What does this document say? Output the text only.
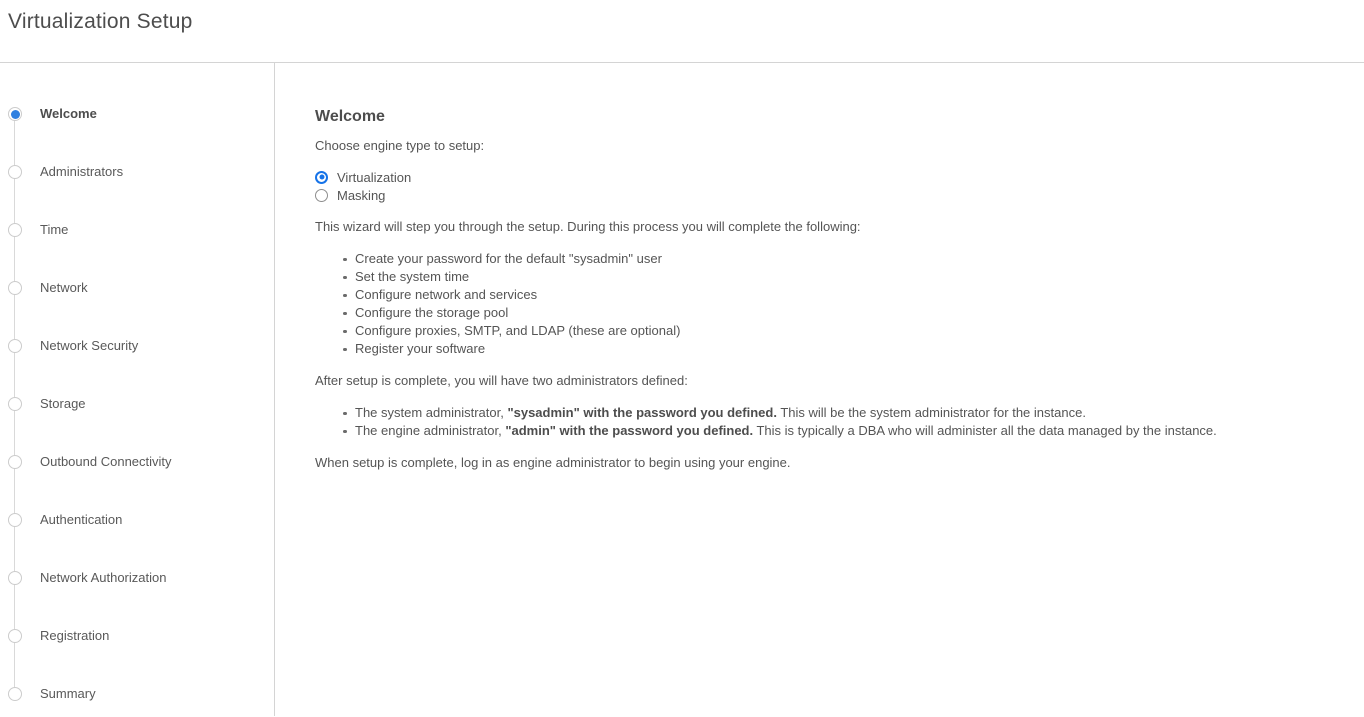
Virtualization Setup
Welcome
Administrators
Time
Network
Network Security
Storage
Outbound Connectivity
Authentication
Network Authorization
Registration
Summary
Welcome

Choose engine type to setup:

Virtualization
Masking

This wizard will step you through the setup. During this process you will complete the following:

Create your password for the default "sysadmin" user
Set the system time
Configure network and services
Configure the storage pool
Configure proxies, SMTP, and LDAP (these are optional)
Register your software

After setup is complete, you will have two administrators defined:

The system administrator, "sysadmin" with the password you defined. This will be the system administrator for the instance.
The engine administrator, "admin" with the password you defined. This is typically a DBA who will administer all the data managed by the instance.

When setup is complete, log in as engine administrator to begin using your engine.
